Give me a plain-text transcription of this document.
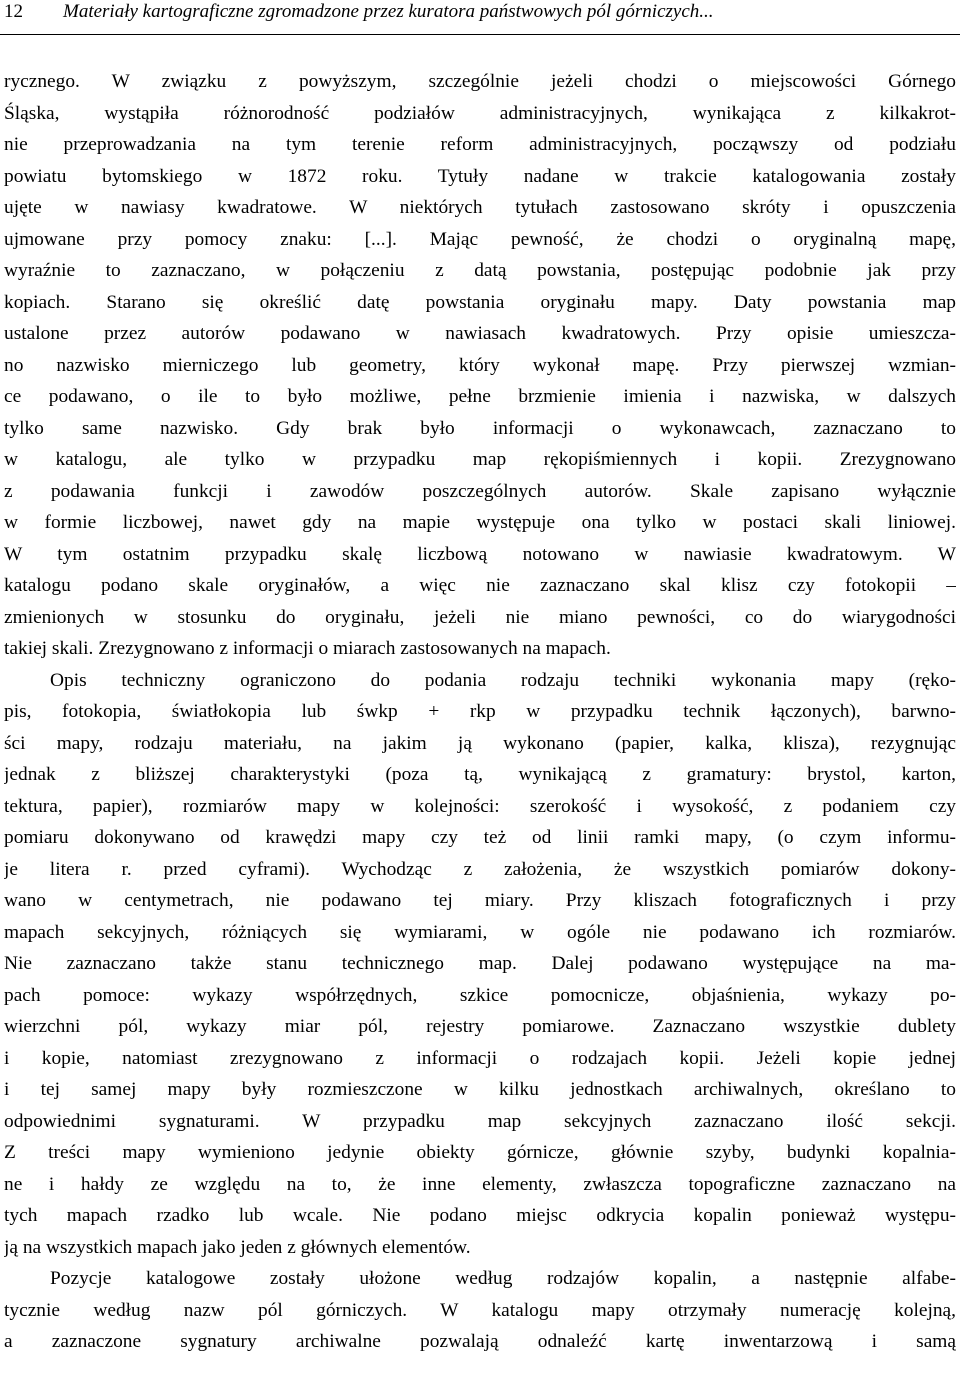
12 Materiały kartograficzne zgromadzone przez kuratora państwowych pól górniczych...
rycznego. W związku z powyższym, szczególnie jeżeli chodzi o miejscowości Górnego
Śląska, wystąpiła różnorodność podziałów administracyjnych, wynikająca z kilkakrot-
nie przeprowadzania na tym terenie reform administracyjnych, począwszy od podziału
powiatu bytomskiego w 1872 roku. Tytuły nadane w trakcie katalogowania zostały
ujęte w nawiasy kwadratowe. W niektórych tytułach zastosowano skróty i opuszczenia
ujmowane przy pomocy znaku: [...]. Mając pewność, że chodzi o oryginalną mapę,
wyraźnie to zaznaczano, w połączeniu z datą powstania, postępując podobnie jak przy
kopiach. Starano się określić datę powstania oryginału mapy. Daty powstania map
ustalone przez autorów podawano w nawiasach kwadratowych. Przy opisie umieszcza-
no nazwisko mierniczego lub geometry, który wykonał mapę. Przy pierwszej wzmian-
ce podawano, o ile to było możliwe, pełne brzmienie imienia i nazwiska, w dalszych
tylko same nazwisko. Gdy brak było informacji o wykonawcach, zaznaczano to
w katalogu, ale tylko w przypadku map rękopiśmiennych i kopii. Zrezygnowano
z podawania funkcji i zawodów poszczególnych autorów. Skale zapisano wyłącznie
w formie liczbowej, nawet gdy na mapie występuje ona tylko w postaci skali liniowej.
W tym ostatnim przypadku skalę liczbową notowano w nawiasie kwadratowym. W
katalogu podano skale oryginałów, a więc nie zaznaczano skal klisz czy fotokopii –
zmienionych w stosunku do oryginału, jeżeli nie miano pewności, co do wiarygodności
takiej skali. Zrezygnowano z informacji o miarach zastosowanych na mapach.
Opis techniczny ograniczono do podania rodzaju techniki wykonania mapy (ręko-
pis, fotokopia, światłokopia lub śwkp + rkp w przypadku technik łączonych), barwno-
ści mapy, rodzaju materiału, na jakim ją wykonano (papier, kalka, klisza), rezygnując
jednak z bliższej charakterystyki (poza tą, wynikającą z gramatury: brystol, karton,
tektura, papier), rozmiarów mapy w kolejności: szerokość i wysokość, z podaniem czy
pomiaru dokonywano od krawędzi mapy czy też od linii ramki mapy, (o czym informu-
je litera r. przed cyframi). Wychodząc z założenia, że wszystkich pomiarów dokony-
wano w centymetrach, nie podawano tej miary. Przy kliszach fotograficznych i przy
mapach sekcyjnych, różniących się wymiarami, w ogóle nie podawano ich rozmiarów.
Nie zaznaczano także stanu technicznego map. Dalej podawano występujące na ma-
pach pomoce: wykazy współrzędnych, szkice pomocnicze, objaśnienia, wykazy po-
wierzchni pól, wykazy miar pól, rejestry pomiarowe. Zaznaczano wszystkie dublety
i kopie, natomiast zrezygnowano z informacji o rodzajach kopii. Jeżeli kopie jednej
i tej samej mapy były rozmieszczone w kilku jednostkach archiwalnych, określano to
odpowiednimi sygnaturami. W przypadku map sekcyjnych zaznaczano ilość sekcji.
Z treści mapy wymieniono jedynie obiekty górnicze, głównie szyby, budynki kopalnia-
ne i hałdy ze względu na to, że inne elementy, zwłaszcza topograficzne zaznaczano na
tych mapach rzadko lub wcale. Nie podano miejsc odkrycia kopalin ponieważ występu-
ją na wszystkich mapach jako jeden z głównych elementów.
Pozycje katalogowe zostały ułożone według rodzajów kopalin, a następnie alfabe-
tycznie według nazw pól górniczych. W katalogu mapy otrzymały numerację kolejną,
a zaznaczone sygnatury archiwalne pozwalają odnaleźć kartę inwentarzową i samą
